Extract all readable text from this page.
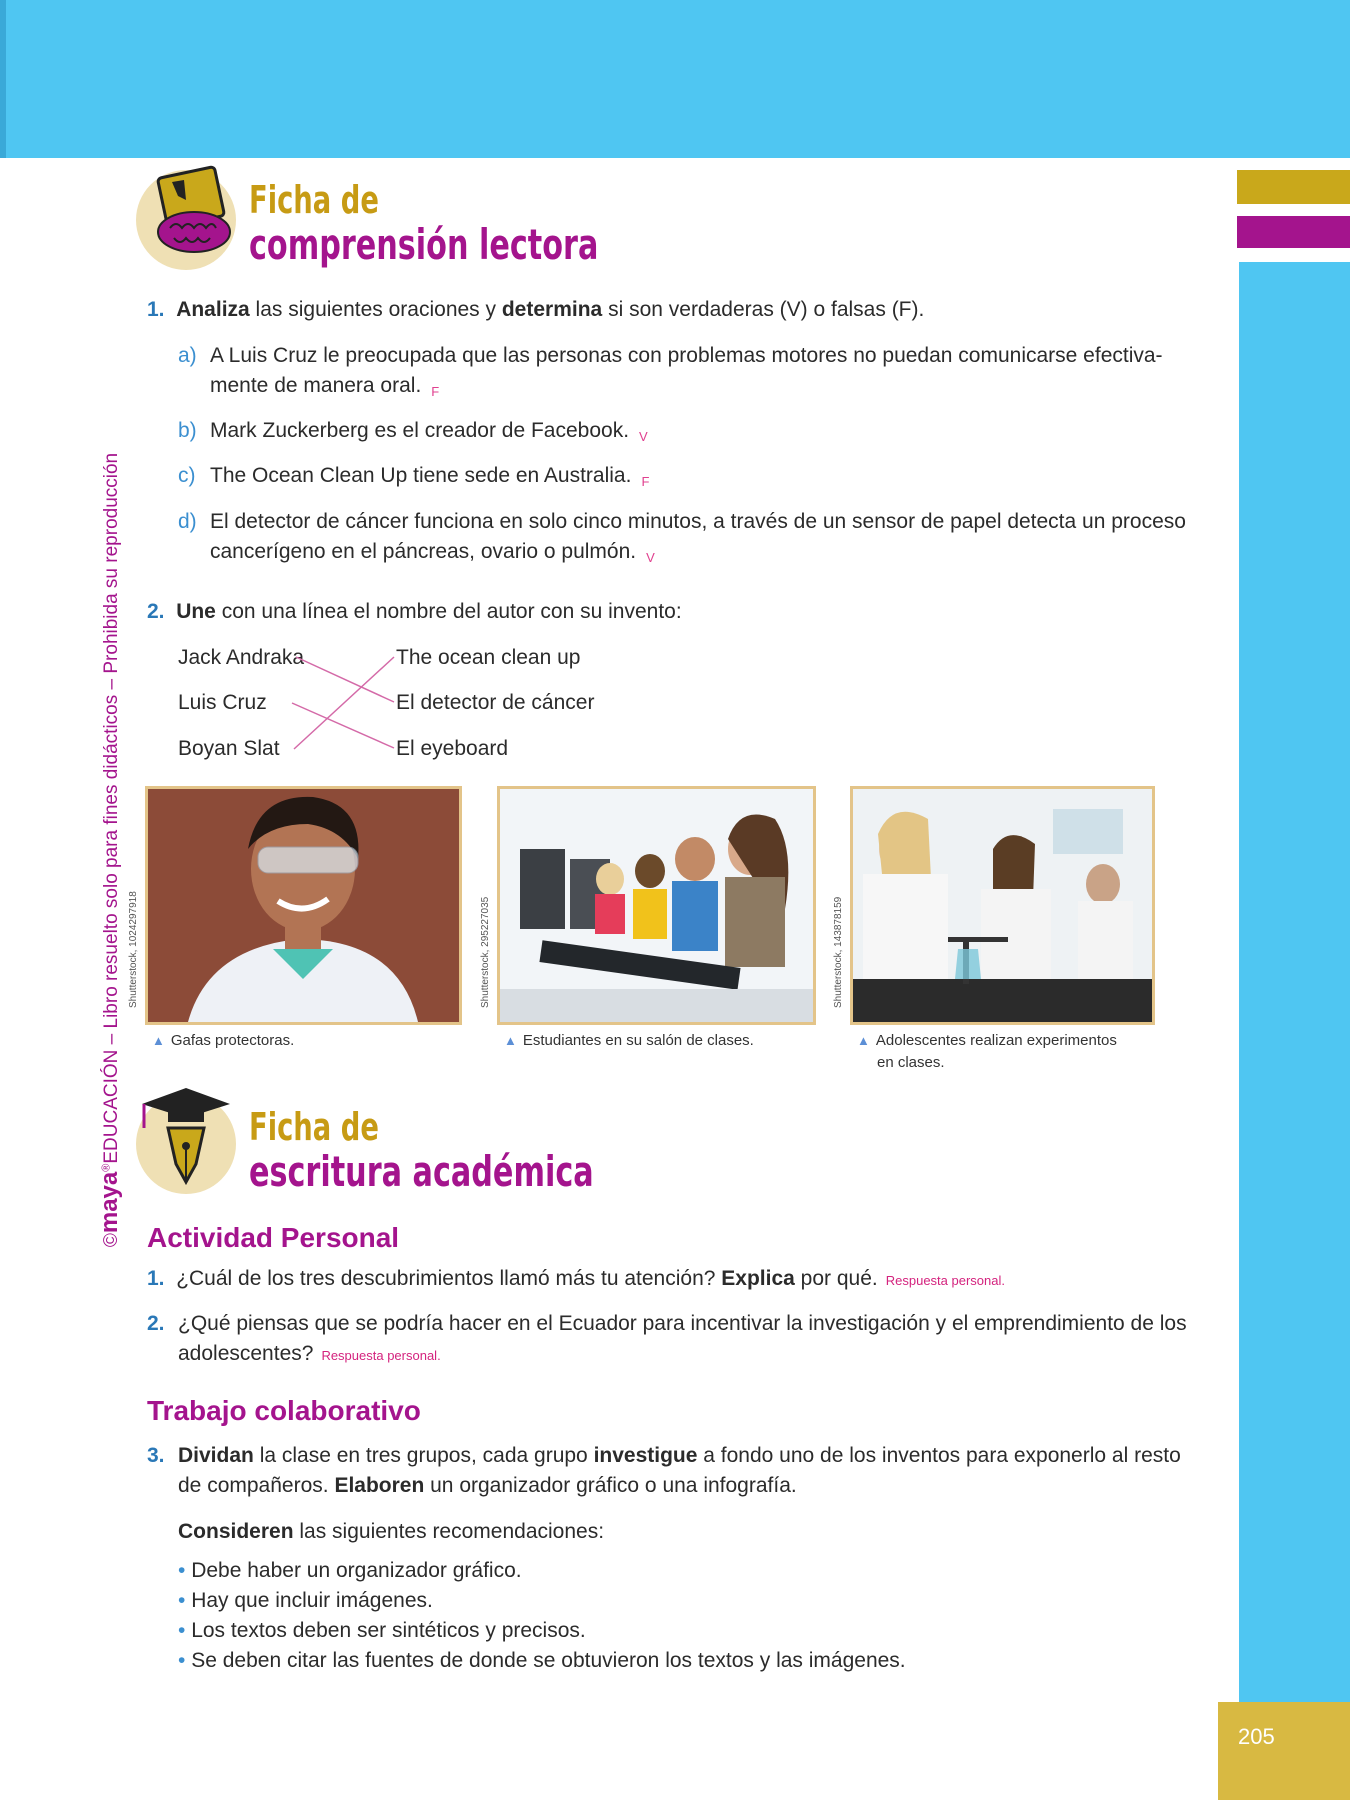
205
©maya®EDUCACIÓN – Libro resuelto solo para fines didácticos – Prohibida su reproducción
Ficha de
comprensión lectora
1. Analiza las siguientes oraciones y determina si son verdaderas (V) o falsas (F).
a) A Luis Cruz le preocupada que las personas con problemas motores no puedan comunicarse efectiva-
mente de manera oral. F
b) Mark Zuckerberg es el creador de Facebook. V
c) The Ocean Clean Up tiene sede en Australia. F
d) El detector de cáncer funciona en solo cinco minutos, a través de un sensor de papel detecta un proceso
cancerígeno en el páncreas, ovario o pulmón. V
2. Une con una línea el nombre del autor con su invento:
Jack Andraka
Luis Cruz
Boyan Slat
The ocean clean up
El detector de cáncer
El eyeboard
Shutterstock, 1024297918
▲ Gafas protectoras.
Shutterstock, 295227035
▲ Estudiantes en su salón de clases.
Shutterstock, 143878159
▲ Adolescentes realizan experimentos
en clases.
Ficha de
escritura académica
Actividad Personal
1. ¿Cuál de los tres descubrimientos llamó más tu atención? Explica por qué. Respuesta personal.
2. ¿Qué piensas que se podría hacer en el Ecuador para incentivar la investigación y el emprendimiento de los
adolescentes? Respuesta personal.
Trabajo colaborativo
3. Dividan la clase en tres grupos, cada grupo investigue a fondo uno de los inventos para exponerlo al resto
de compañeros. Elaboren un organizador gráfico o una infografía.
Consideren las siguientes recomendaciones:
• Debe haber un organizador gráfico.
• Hay que incluir imágenes.
• Los textos deben ser sintéticos y precisos.
• Se deben citar las fuentes de donde se obtuvieron los textos y las imágenes.
